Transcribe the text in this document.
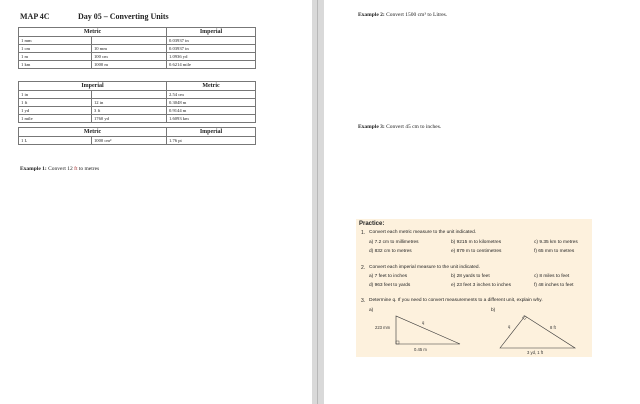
MAP 4C	Day 05 – Converting Units
Metric		Imperial
1 mm		0.03937 in
1 cm	10 mm	0.03937 in
1 m	100 cm	1.0936 yd
1 km	1000 m	0.6214 mile
Imperial		Metric
1 in		2.54 cm
1 ft	12 in	0.3048 m
1 yd	3 ft	0.9144 m
1 mile	1760 yd	1.6093 km
Metric		Imperial
1 L	1000 cm³	1.76 pt
Example 1: Convert 12 ft to metres
Example 2: Convert 1500 cm³ to Litres.
Example 3: Convert 45 cm to inches.
Practice:
1. Convert each metric measure to the unit indicated.
a) 7.2 cm to millimetres	b) 9215 m to kilometres	c) 9.35 km to metres
d) 832 cm to metres	e) 879 m to centimetres	f) 65 mm to metres
2. Convert each imperial measure to the unit indicated.
a) 7 feet to inches	b) 28 yards to feet	c) 8 miles to feet
d) 963 feet to yards	e) 23 feet 3 inches to inches	f) 48 inches to feet
3. Determine q. If you need to convert measurements to a different unit, explain why.
a)	b)
223 mm
q
0.45 m
q	8 ft
3 yd, 1 ft
